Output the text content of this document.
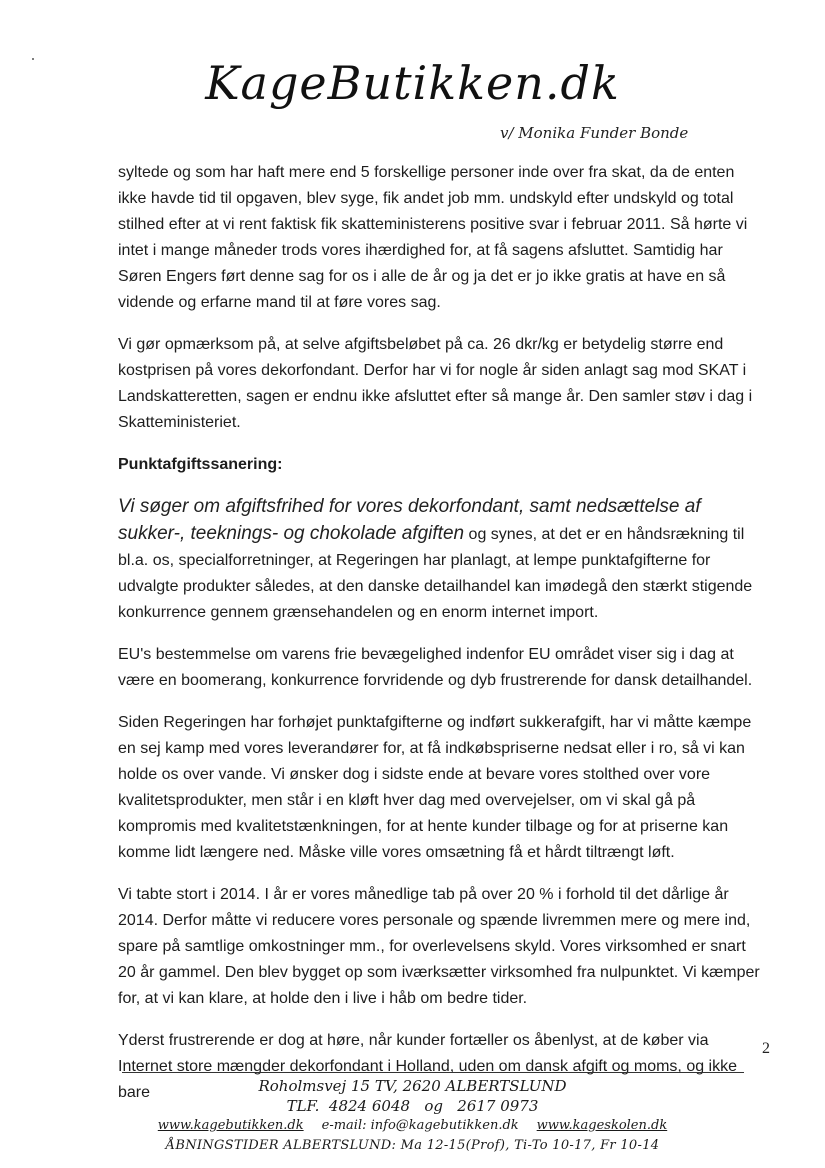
KageButikken.dk
v/ Monika Funder Bonde

syltede og som har haft mere end 5 forskellige personer inde over fra skat, da de enten ikke havde tid til opgaven, blev syge, fik andet job mm. undskyld efter undskyld og total stilhed efter at vi rent faktisk fik skatteministerens positive svar i februar 2011. Så hørte vi intet i mange måneder trods vores ihærdighed for, at få sagens afsluttet. Samtidig har Søren Engers ført denne sag for os i alle de år og ja det er jo ikke gratis at have en så vidende og erfarne mand til at føre vores sag.

Vi gør opmærksom på, at selve afgiftsbeløbet på ca. 26 dkr/kg er betydelig større end kostprisen på vores dekorfondant. Derfor har vi for nogle år siden anlagt sag mod SKAT i Landskatteretten, sagen er endnu ikke afsluttet efter så mange år. Den samler støv i dag i Skatteministeriet.

Punktafgiftssanering:

Vi søger om afgiftsfrihed for vores dekorfondant, samt nedsættelse af sukker-, teeknings- og chokolade afgiften og synes, at det er en håndsrækning til bl.a. os, specialforretninger, at Regeringen har planlagt, at lempe punktafgifterne for udvalgte produkter således, at den danske detailhandel kan imødegå den stærkt stigende konkurrence gennem grænsehandelen og en enorm internet import.

EU's bestemmelse om varens frie bevægelighed indenfor EU området viser sig i dag at være en boomerang, konkurrence forvridende og dyb frustrerende for dansk detailhandel.

Siden Regeringen har forhøjet punktafgifterne og indført sukkerafgift, har vi måtte kæmpe en sej kamp med vores leverandører for, at få indkøbspriserne nedsat eller i ro, så vi kan holde os over vande. Vi ønsker dog i sidste ende at bevare vores stolthed over vore kvalitetsprodukter, men står i en kløft hver dag med overvejelser, om vi skal gå på kompromis med kvalitetstænkningen, for at hente kunder tilbage og for at priserne kan komme lidt længere ned. Måske ville vores omsætning få et hårdt tiltrængt løft.

Vi tabte stort i 2014. I år er vores månedlige tab på over 20 % i forhold til det dårlige år 2014. Derfor måtte vi reducere vores personale og spænde livremmen mere og mere ind, spare på samtlige omkostninger mm., for overlevelsens skyld. Vores virksomhed er snart 20 år gammel. Den blev bygget op som iværksætter virksomhed fra nulpunktet. Vi kæmper for, at vi kan klare, at holde den i live i håb om bedre tider.

Yderst frustrerende er dog at høre, når kunder fortæller os åbenlyst, at de køber via Internet store mængder dekorfondant i Holland, uden om dansk afgift og moms, og ikke bare

2
Roholmsvej 15 TV, 2620 ALBERTSLUND
TLF.  4824 6048   og   2617 0973
www.kagebutikken.dk e-mail: info@kagebutikken.dk www.kageskolen.dk
ÅBNINGSTIDER ALBERTSLUND: Ma 12-15(Prof), Ti-To 10-17, Fr 10-14
